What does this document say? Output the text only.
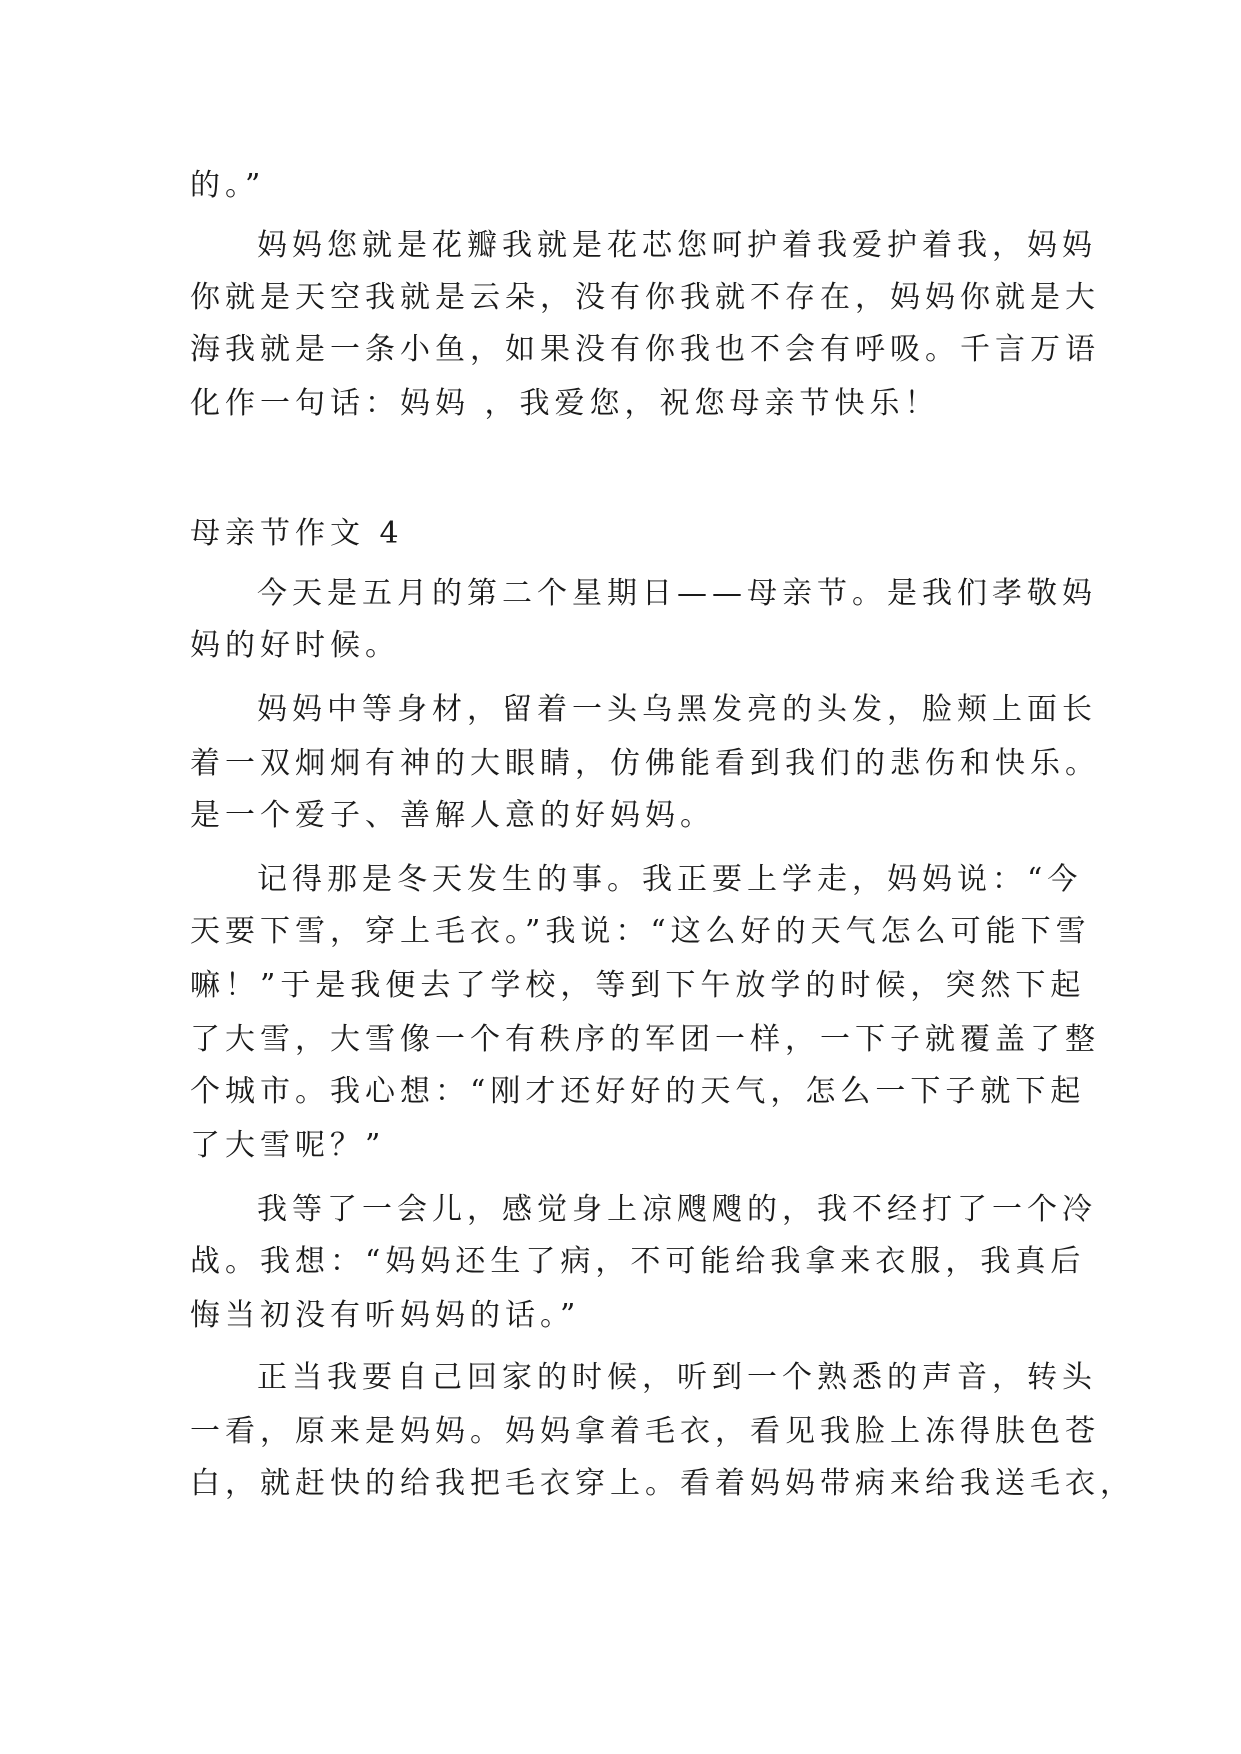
的。”

妈妈您就是花瓣我就是花芯您呵护着我爱护着我，妈妈

你就是天空我就是云朵，没有你我就不存在，妈妈你就是大

海我就是一条小鱼，如果没有你我也不会有呼吸。千言万语

化作一句话：妈妈 ，我爱您，祝您母亲节快乐！

母亲节作文 4

今天是五月的第二个星期日——母亲节。是我们孝敬妈

妈的好时候。

妈妈中等身材，留着一头乌黑发亮的头发，脸颊上面长

着一双炯炯有神的大眼睛，仿佛能看到我们的悲伤和快乐。

是一个爱子、善解人意的好妈妈。

记得那是冬天发生的事。我正要上学走，妈妈说：“今

天要下雪，穿上毛衣。”我说：“这么好的天气怎么可能下雪

嘛！”于是我便去了学校，等到下午放学的时候，突然下起

了大雪，大雪像一个有秩序的军团一样，一下子就覆盖了整

个城市。我心想：“刚才还好好的天气，怎么一下子就下起

了大雪呢？”

我等了一会儿，感觉身上凉飕飕的，我不经打了一个冷

战。我想：“妈妈还生了病，不可能给我拿来衣服，我真后

悔当初没有听妈妈的话。”

正当我要自己回家的时候，听到一个熟悉的声音，转头

一看，原来是妈妈。妈妈拿着毛衣，看见我脸上冻得肤色苍

白，就赶快的给我把毛衣穿上。看着妈妈带病来给我送毛衣，
